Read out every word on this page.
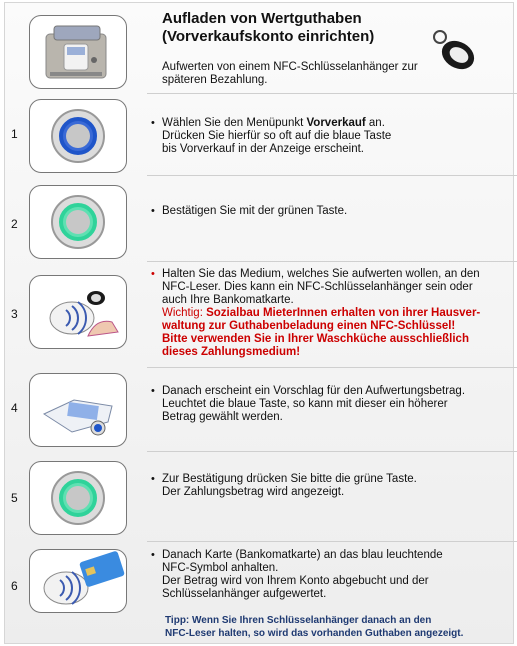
Aufladen von Wertguthaben (Vorverkaufskonto einrichten)
Aufwerten von einem NFC-Schlüsselanhänger zur späteren Bezahlung.
1
• Wählen Sie den Menüpunkt Vorverkauf an.
Drücken Sie hierfür so oft auf die blaue Taste
bis Vorverkauf in der Anzeige erscheint.
2
• Bestätigen Sie mit der grünen Taste.
3
• Halten Sie das Medium, welches Sie aufwerten wollen, an den
NFC-Leser. Dies kann ein NFC-Schlüsselanhänger sein oder
auch Ihre Bankomatkarte.
Wichtig: Sozialbau MieterInnen erhalten von ihrer Hausver-
waltung zur Guthabenbeladung einen NFC-Schlüssel!
Bitte verwenden Sie in Ihrer Waschküche ausschließlich
dieses Zahlungsmedium!
4
• Danach erscheint ein Vorschlag für den Aufwertungsbetrag.
Leuchtet die blaue Taste, so kann mit dieser ein höherer
Betrag gewählt werden.
5
• Zur Bestätigung drücken Sie bitte die grüne Taste.
Der Zahlungsbetrag wird angezeigt.
6
• Danach Karte (Bankomatkarte) an das blau leuchtende
NFC-Symbol anhalten.
Der Betrag wird von Ihrem Konto abgebucht und der
Schlüsselanhänger aufgewertet.
Tipp: Wenn Sie Ihren Schlüsselanhänger danach an den
NFC-Leser halten, so wird das vorhanden Guthaben angezeigt.
